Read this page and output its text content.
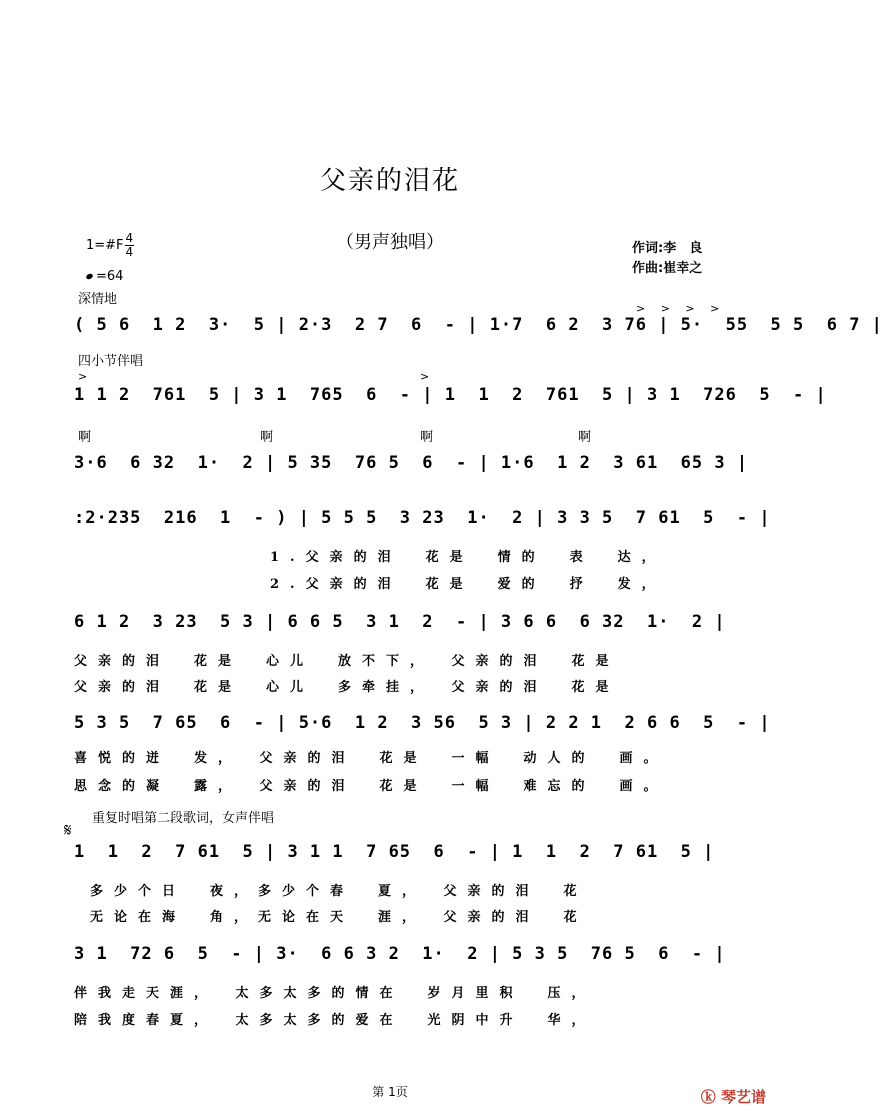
父亲的泪花
（男声独唱）	作词:李　良
作曲:崔幸之
1=#F $\frac{4}{4}$
=64
深情地
( 5 6  1 2  3·  5 | 2·3  2 7  6  - | 1·7  6 2  3 76 | 5·  55  5 5  6 7 |
> > > >
四小节伴唱
>	>
1 1 2  761  5 | 3 1  765  6  - | 1  1  2  761  5 | 3 1  726  5  - |
啊	啊	啊	啊
3·6  6 32  1·  2 | 5 35  76 5  6  - | 1·6  1 2  3 61  65 3 |
:2·235  216  1  - ) | 5 5 5  3 23  1·  2 | 3 3 5  7 61  5  - |
1.父亲的泪　花是　情的　表　达，
2.父亲的泪　花是　爱的　抒　发，
6 1 2  3 23  5 3 | 6 6 5  3 1  2  - | 3 6 6  6 32  1·  2 |
父亲的泪　花是　心儿　放不下，　父亲的泪　花是
父亲的泪　花是　心儿　多牵挂，　父亲的泪　花是
5 3 5  7 65  6  - | 5·6  1 2  3 56  5 3 | 2 2 1  2 6 6  5  - |
喜悦的迸　发，　父亲的泪　花是　一幅　动人的　画。
思念的凝　露，　父亲的泪　花是　一幅　难忘的　画。
重复时唱第二段歌词，女声伴唱
𝄋
1  1  2  7 61  5 | 3 1 1  7 65  6  - | 1  1  2  7 61  5 |
多少个日　夜，多少个春　夏，　父亲的泪　花
无论在海　角，无论在天　涯，　父亲的泪　花
3 1  72 6  5  - | 3·  6 6 3 2  1·  2 | 5 3 5  76 5  6  - |
伴我走天涯，　太多太多的情在　岁月里积　压，
陪我度春夏，　太多太多的爱在　光阴中升　华，
第 1页	ⓚ 琴艺谱
